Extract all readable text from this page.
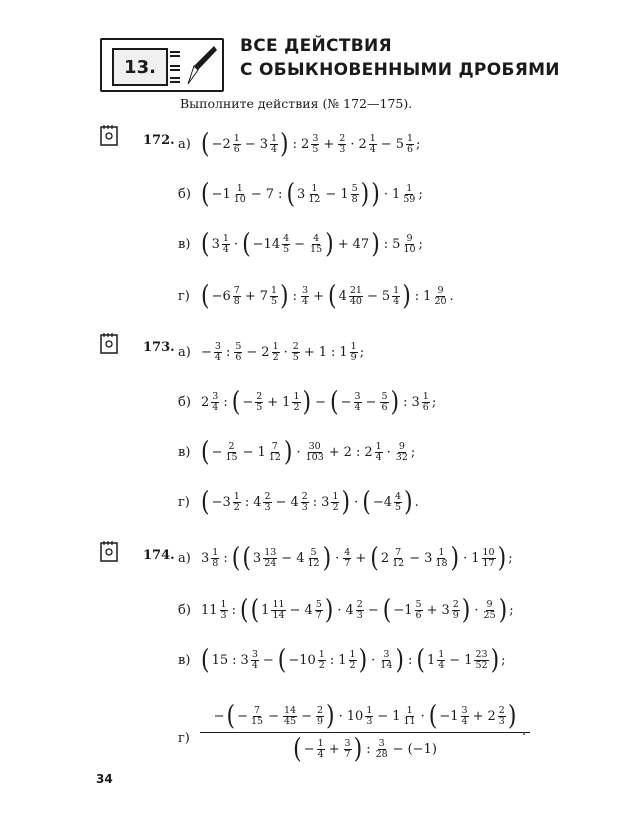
13.
ВСЕ ДЕЙСТВИЯ
С ОБЫКНОВЕННЫМИ ДРОБЯМИ
Выполните действия (№ 172—175).
172.
173.
174.
а) ( $-2 \frac{1}{6} - 3 \frac{1}{4}$ ) : $2 \frac{3}{5} + \frac{2}{3} \cdot 2 \frac{1}{4} - 5 \frac{1}{6}$ ;
б) ( $-1 \frac{1}{10} - 7$ : ( $3 \frac{1}{12} - 1 \frac{5}{8}$ ) ) · $1 \frac{1}{59}$ ;
в) ( $3 \frac{1}{4}$ · ( $-14 \frac{4}{5} - \frac{4}{15}$ ) + 47 ) : $5 \frac{9}{10}$ ;
г) ( $-6 \frac{7}{8} + 7 \frac{1}{5}$ ) : $\frac{3}{4}$ + ( $4 \frac{21}{40} - 5 \frac{1}{4}$ ) : $1 \frac{9}{20}$ .
$а) - \frac{3}{4}$ : $\frac{5}{6} - 2 \frac{1}{2} \cdot \frac{2}{5} + 1$ : $1 \frac{1}{9}$ ;
б) $2 \frac{3}{4}$ : ( − $\frac{2}{5} + 1 \frac{1}{2}$ ) − ( − $\frac{3}{4} - \frac{5}{6}$ ) : $3 \frac{1}{6}$ ;
в) ( − $\frac{2}{15} - 1 \frac{7}{12}$ ) · $\frac{30}{103} + 2$ : $2 \frac{1}{4} \cdot \frac{9}{32}$ ;
г) ( $-3 \frac{1}{2}$ : $4 \frac{2}{3} - 4 \frac{2}{3}$ : $3 \frac{1}{2}$ ) · ( $-4 \frac{4}{5}$ ) .
а) $3 \frac{1}{8}$ : ( ( $3 \frac{13}{24} - 4 \frac{5}{12}$ ) · $\frac{4}{7}$ + ( $2 \frac{7}{12} - 3 \frac{1}{18}$ ) · $1 \frac{10}{17}$ ) ;
б) $11 \frac{1}{3}$ : ( ( $1 \frac{11}{14} - 4 \frac{5}{7}$ ) · $4 \frac{2}{3}$ − ( $-1 \frac{5}{6} + 3 \frac{2}{9}$ ) · $\frac{9}{25}$ ) ;
в) ( 15 : $3 \frac{3}{4}$ − ( $-10 \frac{1}{2}$ : $1 \frac{1}{2}$ ) · $\frac{3}{14}$ ) : ( $1 \frac{1}{4} - 1 \frac{23}{52}$ ) ;
г)
− ( − $\frac{7}{15} - \frac{14}{45} - \frac{2}{9}$ ) · $10 \frac{1}{3} - 1 \frac{1}{11}$ · ( $-1 \frac{3}{4} + 2 \frac{2}{3}$ )
( − $\frac{1}{4} + \frac{3}{7}$ ) : $\frac{3}{28} - (-1)$
.
34
